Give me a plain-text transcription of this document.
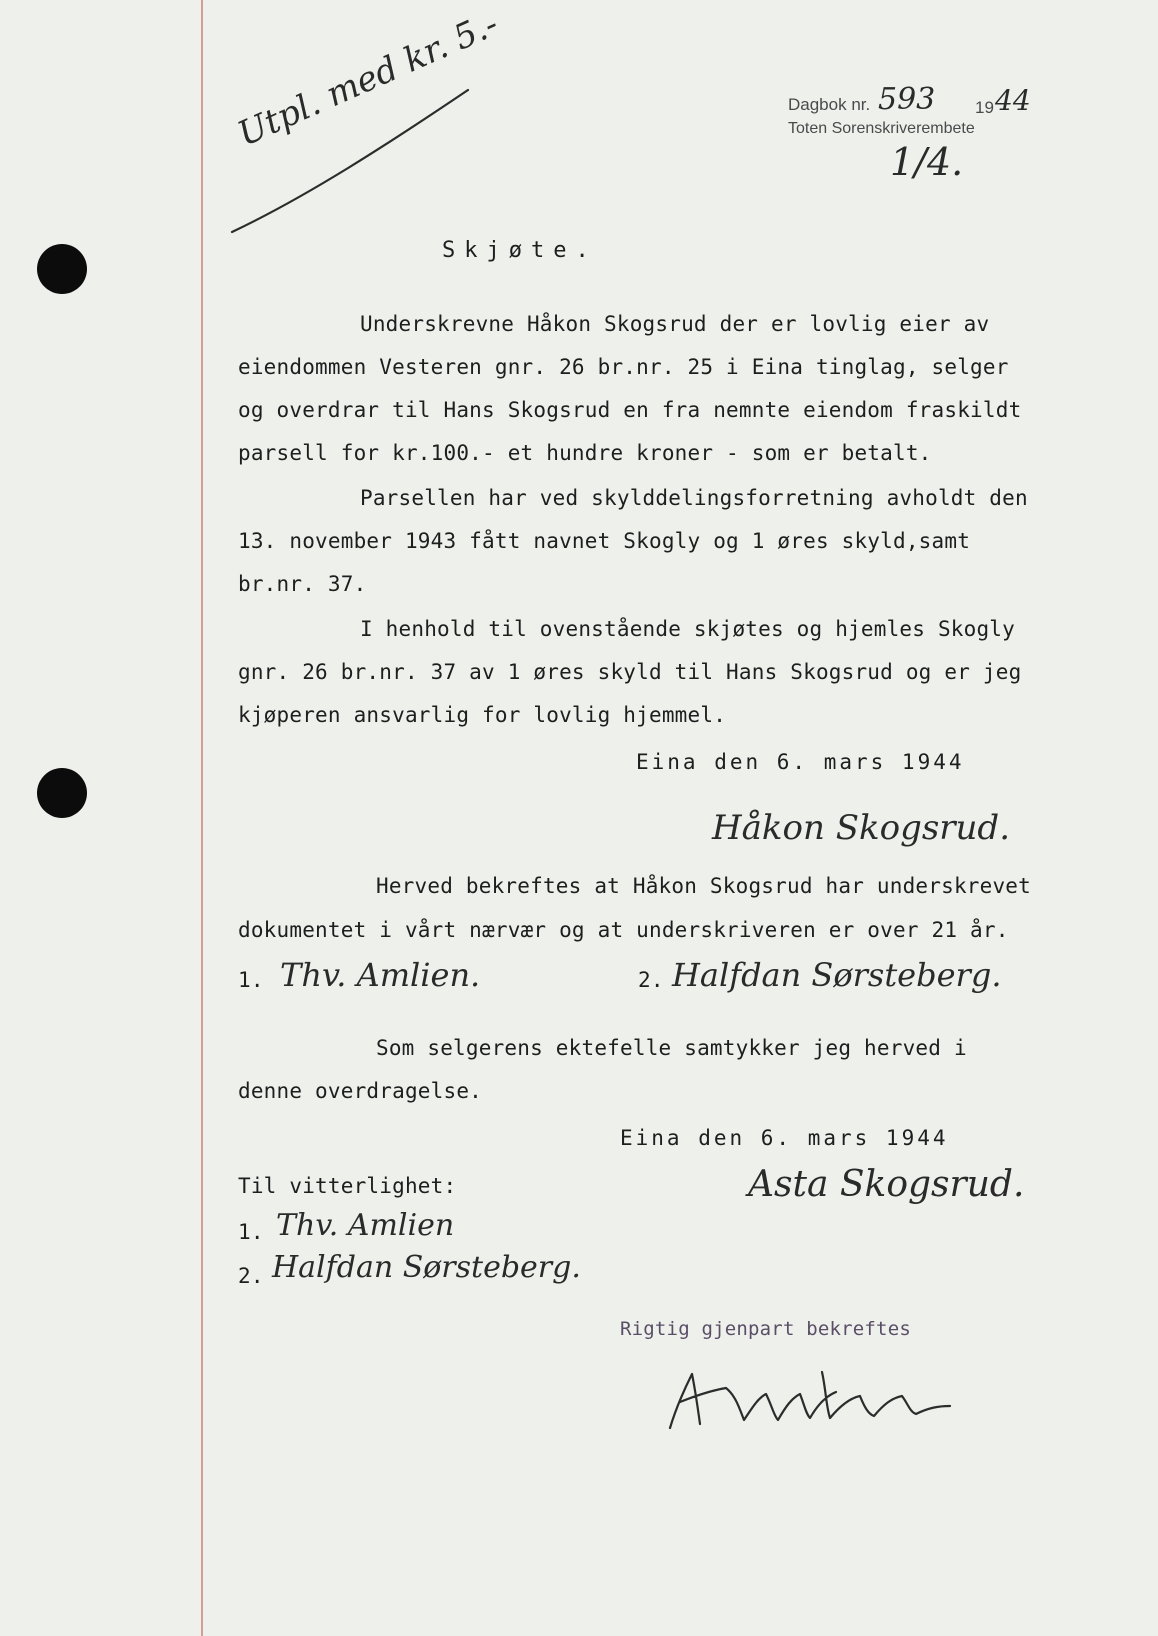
Utpl. med kr. 5.-	Dagbok nr. 593 19 44
Toten Sorenskriverembete
1/4.
Skjøte.
Underskrevne Håkon Skogsrud der er lovlig eier av
eiendommen Vesteren gnr. 26 br.nr. 25 i Eina tinglag, selger
og overdrar til Hans Skogsrud en fra nemnte eiendom fraskildt
parsell for kr.100.- et hundre kroner - som er betalt.
Parsellen har ved skylddelingsforretning avholdt den
13. november 1943 fått navnet Skogly og 1 øres skyld,samt
br.nr. 37.
I henhold til ovenstående skjøtes og hjemles Skogly
gnr. 26 br.nr. 37 av 1 øres skyld til Hans Skogsrud og er jeg
kjøperen ansvarlig for lovlig hjemmel.
Eina den 6. mars 1944
Håkon Skogsrud.
Herved bekreftes at Håkon Skogsrud har underskrevet
dokumentet i vårt nærvær og at underskriveren er over 21 år.
1. Thv. Amlien.	2. Halfdan Sørsteberg.
Som selgerens ektefelle samtykker jeg herved i
denne overdragelse.
Eina den 6. mars 1944
Til vitterlighet:	Asta Skogsrud.
1. Thv. Amlien
2. Halfdan Sørsteberg.
Rigtig gjenpart bekreftes
